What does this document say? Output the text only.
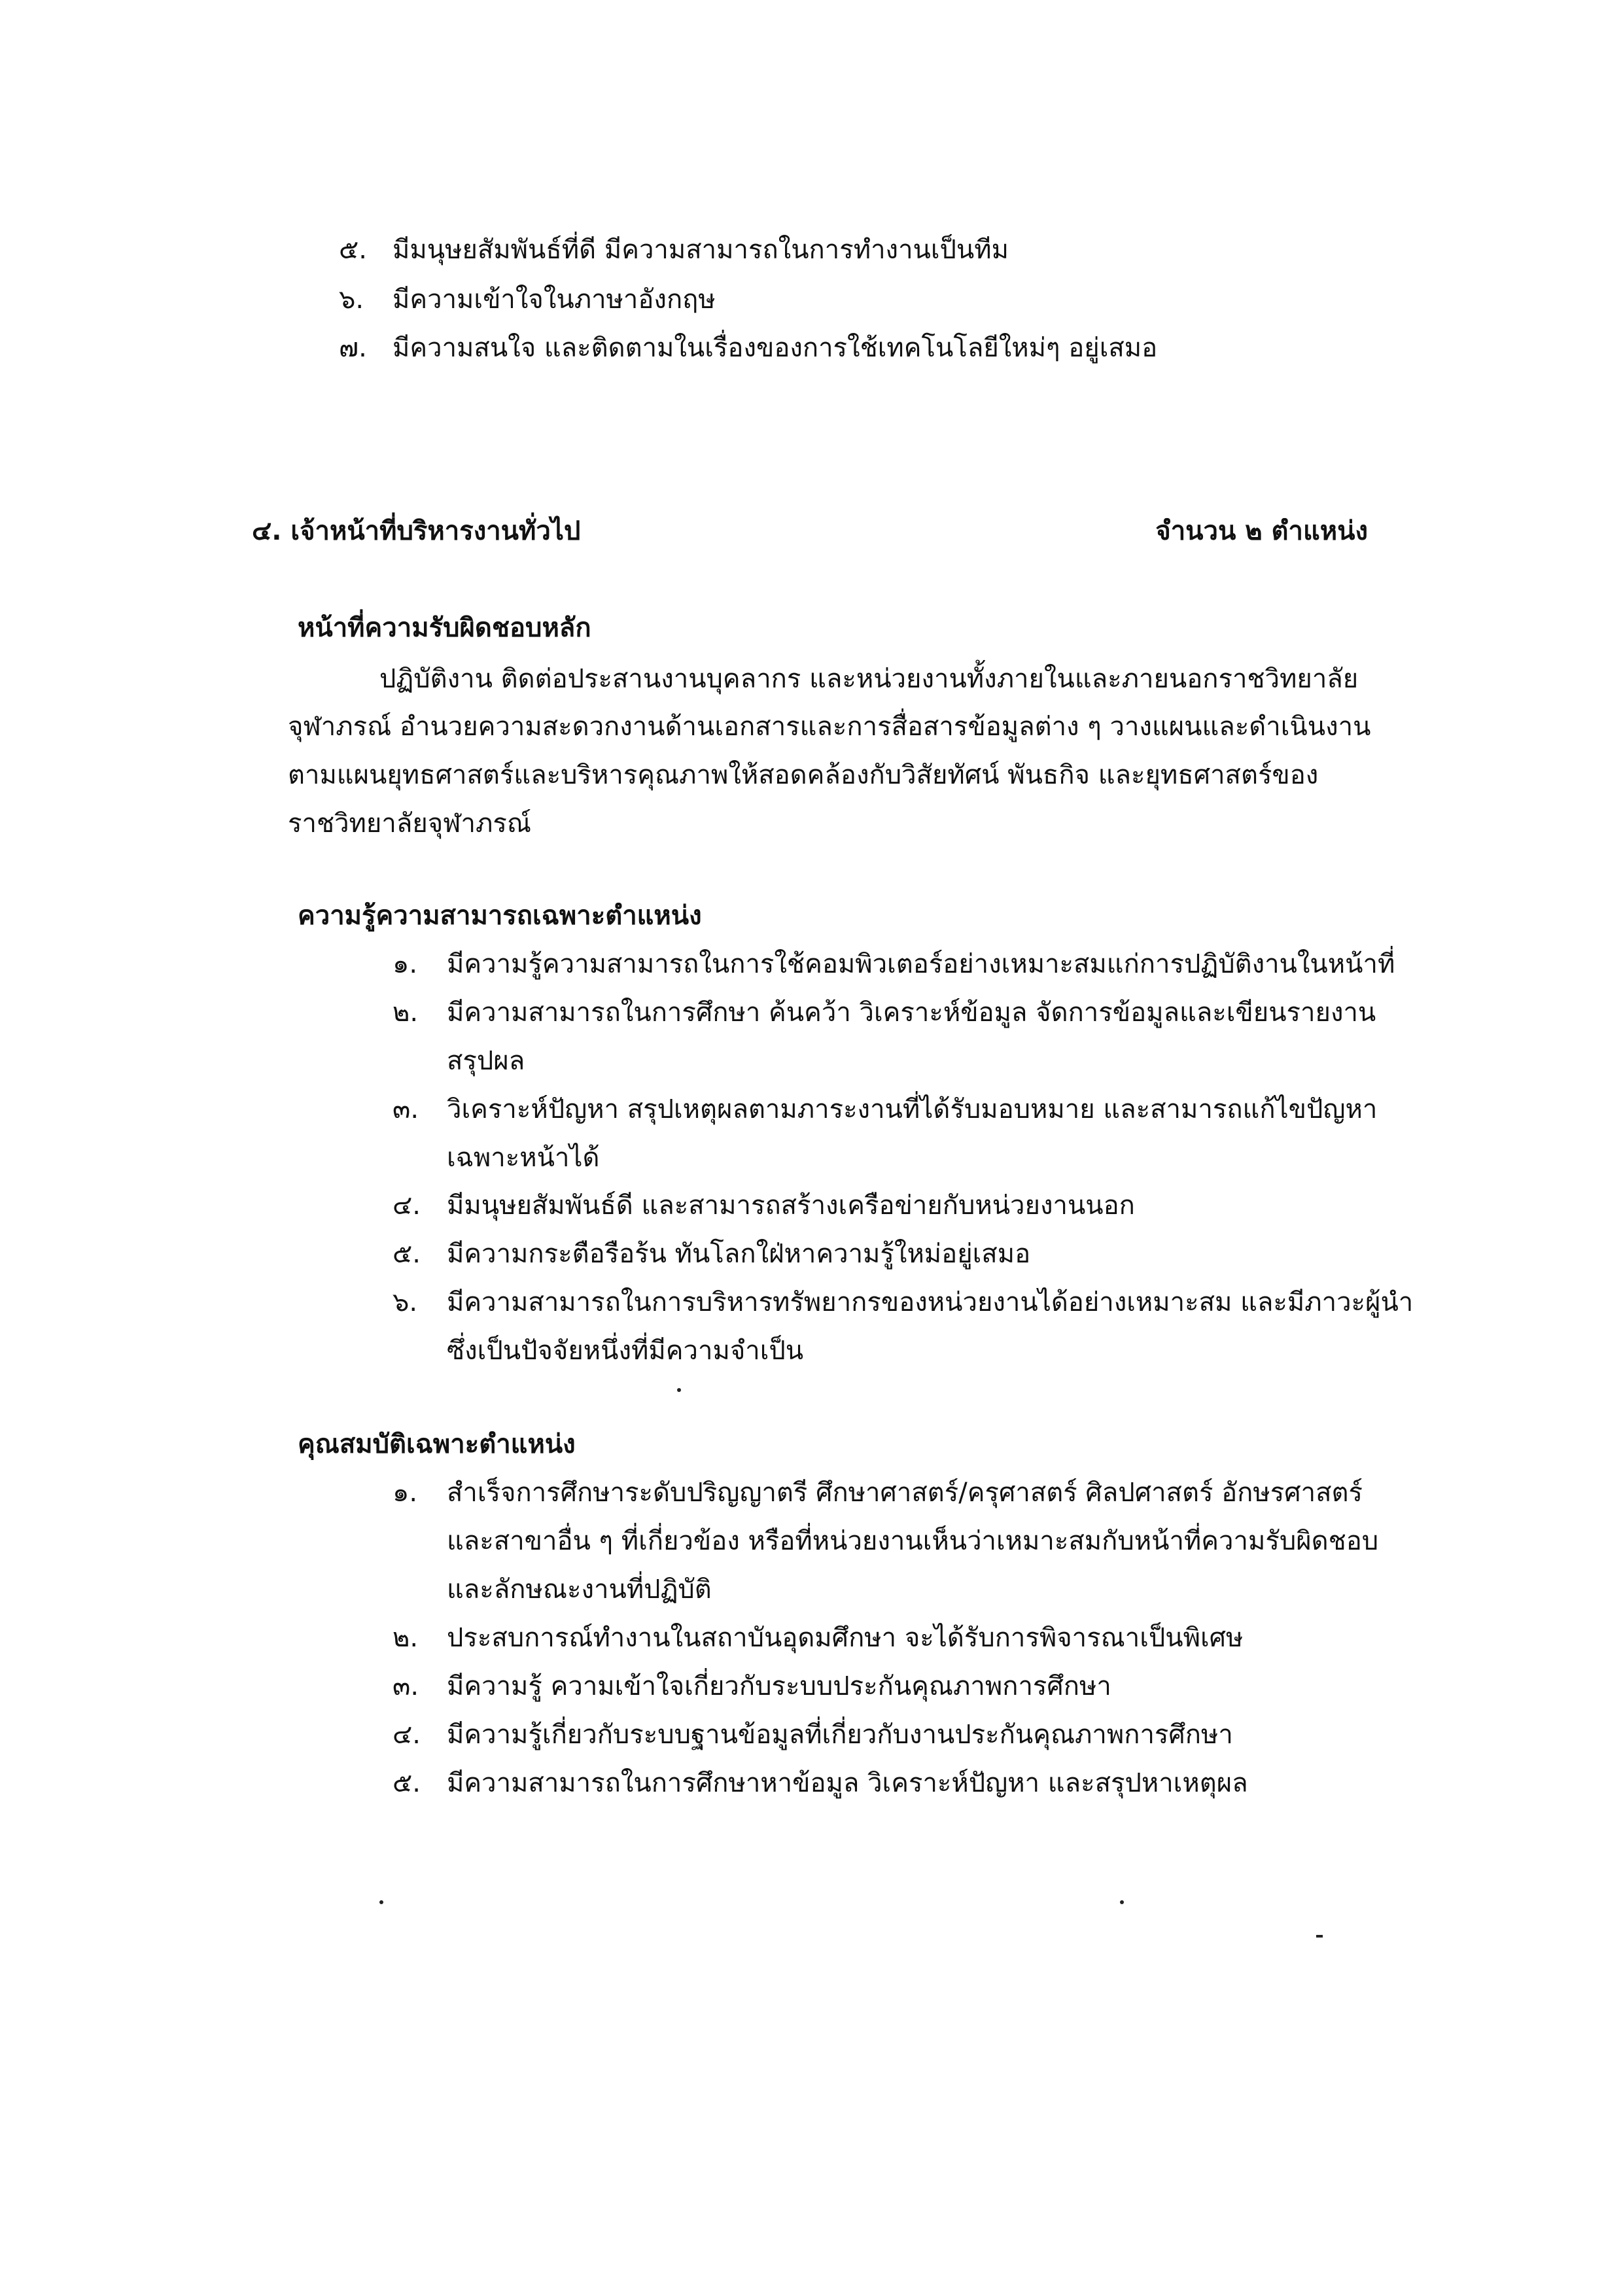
๕. มีมนุษยสัมพันธ์ที่ดี มีความสามารถในการทำงานเป็นทีม
๖. มีความเข้าใจในภาษาอังกฤษ
๗. มีความสนใจ และติดตามในเรื่องของการใช้เทคโนโลยีใหม่ๆ อยู่เสมอ
๔. เจ้าหน้าที่บริหารงานทั่วไป	จำนวน ๒ ตำแหน่ง
หน้าที่ความรับผิดชอบหลัก
ปฏิบัติงาน ติดต่อประสานงานบุคลากร และหน่วยงานทั้งภายในและภายนอกราชวิทยาลัย
จุฬาภรณ์ อำนวยความสะดวกงานด้านเอกสารและการสื่อสารข้อมูลต่าง ๆ วางแผนและดำเนินงาน
ตามแผนยุทธศาสตร์และบริหารคุณภาพให้สอดคล้องกับวิสัยทัศน์ พันธกิจ และยุทธศาสตร์ของ
ราชวิทยาลัยจุฬาภรณ์
ความรู้ความสามารถเฉพาะตำแหน่ง
๑. มีความรู้ความสามารถในการใช้คอมพิวเตอร์อย่างเหมาะสมแก่การปฏิบัติงานในหน้าที่
๒. มีความสามารถในการศึกษา ค้นคว้า วิเคราะห์ข้อมูล จัดการข้อมูลและเขียนรายงาน
สรุปผล
๓. วิเคราะห์ปัญหา สรุปเหตุผลตามภาระงานที่ได้รับมอบหมาย และสามารถแก้ไขปัญหา
เฉพาะหน้าได้
๔. มีมนุษยสัมพันธ์ดี และสามารถสร้างเครือข่ายกับหน่วยงานนอก
๕. มีความกระตือรือร้น ทันโลกใฝ่หาความรู้ใหม่อยู่เสมอ
๖. มีความสามารถในการบริหารทรัพยากรของหน่วยงานได้อย่างเหมาะสม และมีภาวะผู้นำ
ซึ่งเป็นปัจจัยหนึ่งที่มีความจำเป็น
คุณสมบัติเฉพาะตำแหน่ง
๑. สำเร็จการศึกษาระดับปริญญาตรี ศึกษาศาสตร์/ครุศาสตร์ ศิลปศาสตร์ อักษรศาสตร์
และสาขาอื่น ๆ ที่เกี่ยวข้อง หรือที่หน่วยงานเห็นว่าเหมาะสมกับหน้าที่ความรับผิดชอบ
และลักษณะงานที่ปฏิบัติ
๒. ประสบการณ์ทำงานในสถาบันอุดมศึกษา จะได้รับการพิจารณาเป็นพิเศษ
๓. มีความรู้ ความเข้าใจเกี่ยวกับระบบประกันคุณภาพการศึกษา
๔. มีความรู้เกี่ยวกับระบบฐานข้อมูลที่เกี่ยวกับงานประกันคุณภาพการศึกษา
๕. มีความสามารถในการศึกษาหาข้อมูล วิเคราะห์ปัญหา และสรุปหาเหตุผล
